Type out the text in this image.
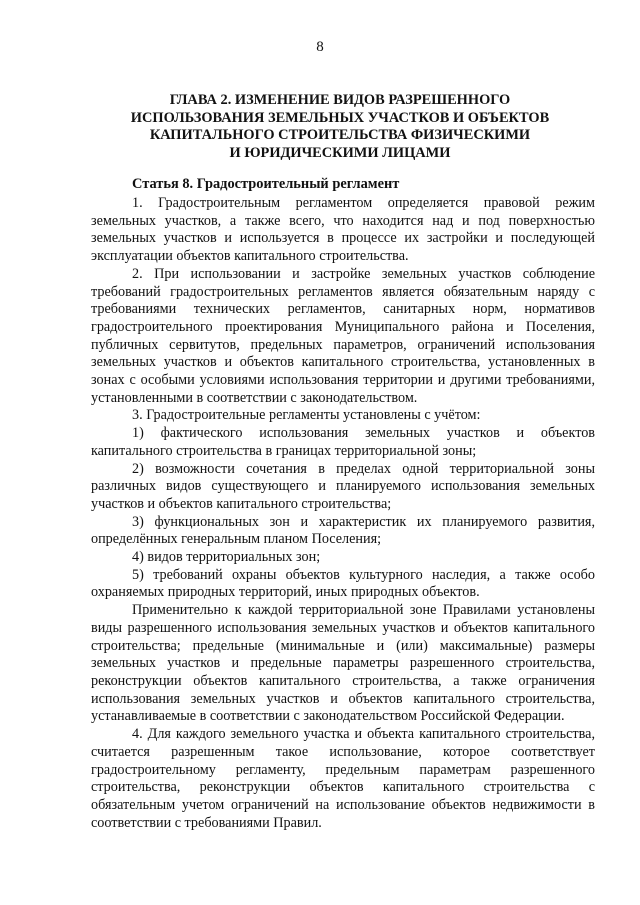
8
ГЛАВА 2. ИЗМЕНЕНИЕ ВИДОВ РАЗРЕШЕННОГО
ИСПОЛЬЗОВАНИЯ ЗЕМЕЛЬНЫХ УЧАСТКОВ И ОБЪЕКТОВ
КАПИТАЛЬНОГО СТРОИТЕЛЬСТВА ФИЗИЧЕСКИМИ
И ЮРИДИЧЕСКИМИ ЛИЦАМИ
Статья 8. Градостроительный регламент

1. Градостроительным регламентом определяется правовой режим земельных участков, а также всего, что находится над и под поверхностью земельных участков и используется в процессе их застройки и последующей эксплуатации объектов капитального строительства.

2. При использовании и застройке земельных участков соблюдение требований градостроительных регламентов является обязательным наряду с требованиями технических регламентов, санитарных норм, нормативов градостроительного проектирования Муниципального района и Поселения, публичных сервитутов, предельных параметров, ограничений использования земельных участков и объектов капитального строительства, установленных в зонах с особыми условиями использования территории и другими требованиями, установленными в соответствии с законодательством.

3. Градостроительные регламенты установлены с учётом:

1) фактического использования земельных участков и объектов капитального строительства в границах территориальной зоны;

2) возможности сочетания в пределах одной территориальной зоны различных видов существующего и планируемого использования земельных участков и объектов капитального строительства;

3) функциональных зон и характеристик их планируемого развития, определённых генеральным планом Поселения;

4) видов территориальных зон;

5) требований охраны объектов культурного наследия, а также особо охраняемых природных территорий, иных природных объектов.

Применительно к каждой территориальной зоне Правилами установлены виды разрешенного использования земельных участков и объектов капитального строительства; предельные (минимальные и (или) максимальные) размеры земельных участков и предельные параметры разрешенного строительства, реконструкции объектов капитального строительства, а также ограничения использования земельных участков и объектов капитального строительства, устанавливаемые в соответствии с законодательством Российской Федерации.

4. Для каждого земельного участка и объекта капитального строительства, считается разрешенным такое использование, которое соответствует градостроительному регламенту, предельным параметрам разрешенного строительства, реконструкции объектов капитального строительства с обязательным учетом ограничений на использование объектов недвижимости в соответствии с требованиями Правил.
